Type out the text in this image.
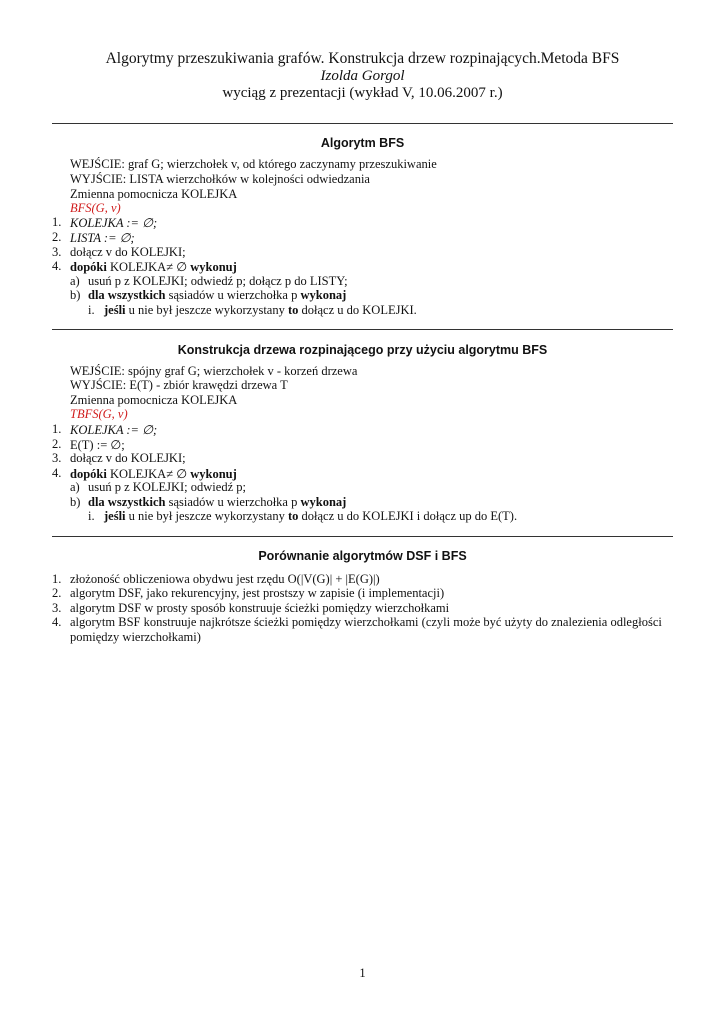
Algorytmy przeszukiwania grafów. Konstrukcja drzew rozpinających.Metoda BFS
Izolda Gorgol
wyciąg z prezentacji (wykład V, 10.06.2007 r.)
Algorytm BFS
WEJŚCIE: graf G; wierzchołek v, od którego zaczynamy przeszukiwanie
WYJŚCIE: LISTA wierzchołków w kolejności odwiedzania
Zmienna pomocnicza KOLEJKA
BFS(G, v)
1. KOLEJKA := ∅;
2. LISTA := ∅;
3. dołącz v do KOLEJKI;
4. dopóki KOLEJKA≠ ∅ wykonuj
a) usuń p z KOLEJKI; odwiedź p; dołącz p do LISTY;
b) dla wszystkich sąsiadów u wierzchołka p wykonaj
i. jeśli u nie był jeszcze wykorzystany to dołącz u do KOLEJKI.
Konstrukcja drzewa rozpinającego przy użyciu algorytmu BFS
WEJŚCIE: spójny graf G; wierzchołek v - korzeń drzewa
WYJŚCIE: E(T) - zbiór krawędzi drzewa T
Zmienna pomocnicza KOLEJKA
TBFS(G, v)
1. KOLEJKA := ∅;
2. E(T) := ∅;
3. dołącz v do KOLEJKI;
4. dopóki KOLEJKA≠ ∅ wykonuj
a) usuń p z KOLEJKI; odwiedź p;
b) dla wszystkich sąsiadów u wierzchołka p wykonaj
i. jeśli u nie był jeszcze wykorzystany to dołącz u do KOLEJKI i dołącz up do E(T).
Porównanie algorytmów DSF i BFS
1. złożoność obliczeniowa obydwu jest rzędu O(|V(G)| + |E(G)|)
2. algorytm DSF, jako rekurencyjny, jest prostszy w zapisie (i implementacji)
3. algorytm DSF w prosty sposób konstruuje ścieżki pomiędzy wierzchołkami
4. algorytm BSF konstruuje najkrótsze ścieżki pomiędzy wierzchołkami (czyli może być użyty do znalezienia odległości
pomiędzy wierzchołkami)
1
